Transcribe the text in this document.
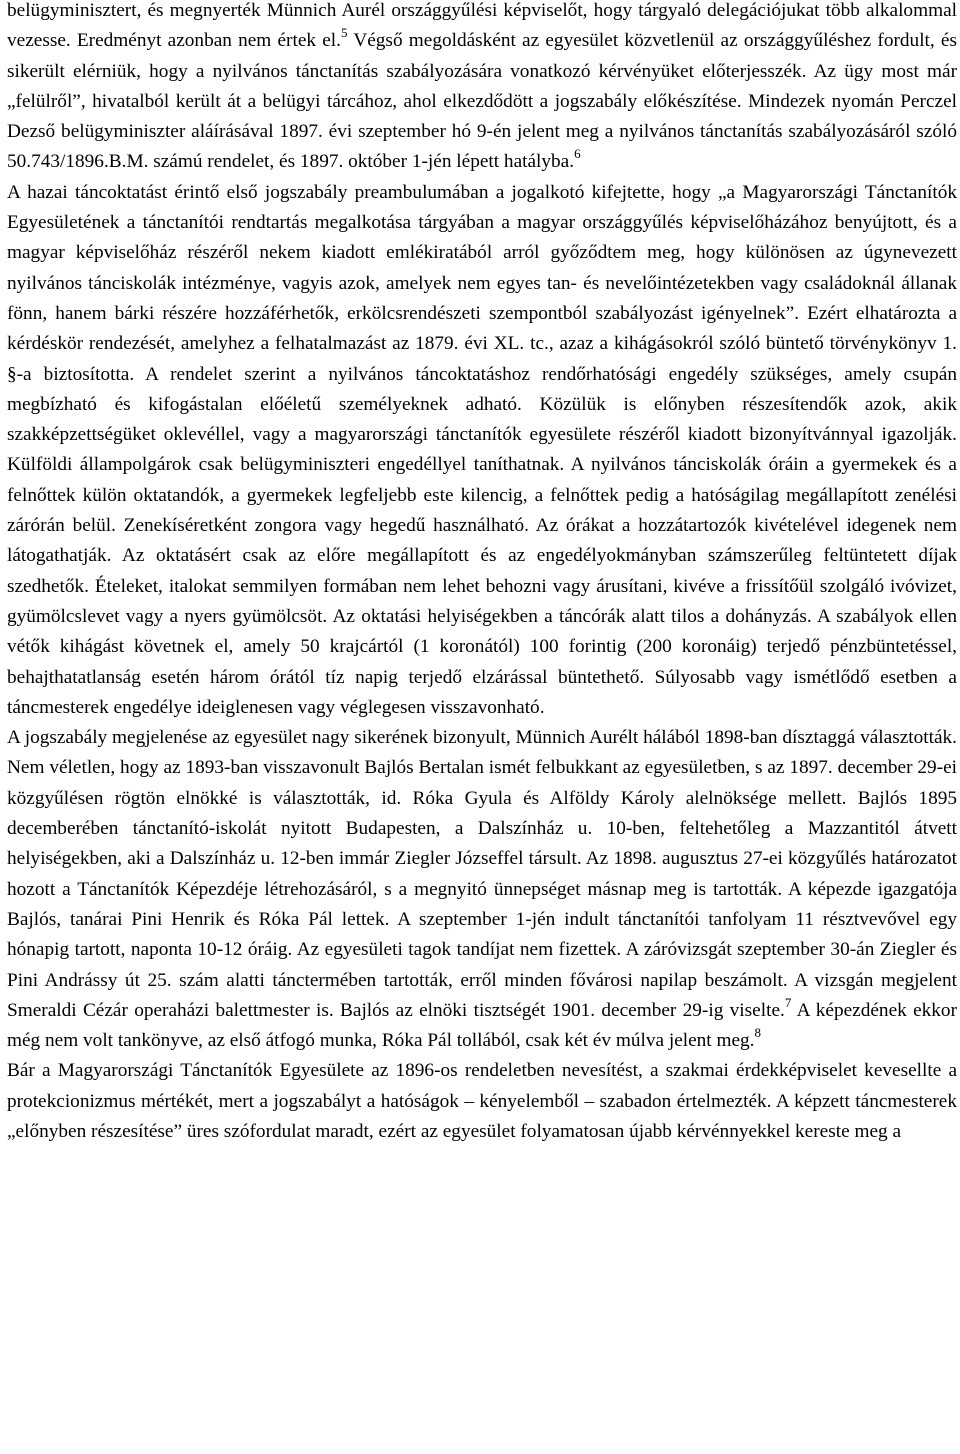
belügyminisztert, és megnyerték Münnich Aurél országgyűlési képviselőt, hogy tárgyaló delegációjukat több alkalommal vezesse. Eredményt azonban nem értek el.$^5$ Végső megoldásként az egyesület közvetlenül az országgyűléshez fordult, és sikerült elérniük, hogy a nyilvános tánctanítás szabályozására vonatkozó kérvényüket előterjesszék. Az ügy most már „felülről”, hivatalból került át a belügyi tárcához, ahol elkezdődött a jogszabály előkészítése. Mindezek nyomán Perczel Dezső belügyminiszter aláírásával 1897. évi szeptember hó 9-én jelent meg a nyilvános tánctanítás szabályozásáról szóló 50.743/1896.B.M. számú rendelet, és 1897. október 1-jén lépett hatályba.$^6$

A hazai táncoktatást érintő első jogszabály preambulumában a jogalkotó kifejtette, hogy „a Magyarországi Tánctanítók Egyesületének a tánctanítói rendtartás megalkotása tárgyában a magyar országgyűlés képviselőházához benyújtott, és a magyar képviselőház részéről nekem kiadott emlékiratából arról győződtem meg, hogy különösen az úgynevezett nyilvános tánciskolák intézménye, vagyis azok, amelyek nem egyes tan- és nevelőintézetekben vagy családoknál állanak fönn, hanem bárki részére hozzáférhetők, erkölcsrendészeti szempontból szabályozást igényelnek”. Ezért elhatározta a kérdéskör rendezését, amelyhez a felhatalmazást az 1879. évi XL. tc., azaz a kihágásokról szóló büntető törvénykönyv 1. §-a biztosította. A rendelet szerint a nyilvános táncoktatáshoz rendőrhatósági engedély szükséges, amely csupán megbízható és kifogástalan előéletű személyeknek adható. Közülük is előnyben részesítendők azok, akik szakképzettségüket oklevéllel, vagy a magyarországi tánctanítók egyesülete részéről kiadott bizonyítvánnyal igazolják. Külföldi állampolgárok csak belügyminiszteri engedéllyel taníthatnak. A nyilvános tánciskolák óráin a gyermekek és a felnőttek külön oktatandók, a gyermekek legfeljebb este kilencig, a felnőttek pedig a hatóságilag megállapított zenélési zárórán belül. Zenekíséretként zongora vagy hegedű használható. Az órákat a hozzátartozók kivételével idegenek nem látogathatják. Az oktatásért csak az előre megállapított és az engedélyokmányban számszerűleg feltüntetett díjak szedhetők. Ételeket, italokat semmilyen formában nem lehet behozni vagy árusítani, kivéve a frissítőül szolgáló ivóvizet, gyümölcslevet vagy a nyers gyümölcsöt. Az oktatási helyiségekben a táncórák alatt tilos a dohányzás. A szabályok ellen vétők kihágást követnek el, amely 50 krajcártól (1 koronától) 100 forintig (200 koronáig) terjedő pénzbüntetéssel, behajthatatlanság esetén három órától tíz napig terjedő elzárással büntethető. Súlyosabb vagy ismétlődő esetben a táncmesterek engedélye ideiglenesen vagy véglegesen visszavonható.

A jogszabály megjelenése az egyesület nagy sikerének bizonyult, Münnich Aurélt hálából 1898-ban dísztaggá választották. Nem véletlen, hogy az 1893-ban visszavonult Bajlós Bertalan ismét felbukkant az egyesületben, s az 1897. december 29-ei közgyűlésen rögtön elnökké is választották, id. Róka Gyula és Alföldy Károly alelnöksége mellett. Bajlós 1895 decemberében tánctanító-iskolát nyitott Budapesten, a Dalszínház u. 10-ben, feltehetőleg a Mazzantitól átvett helyiségekben, aki a Dalszínház u. 12-ben immár Ziegler Józseffel társult. Az 1898. augusztus 27-ei közgyűlés határozatot hozott a Tánctanítók Képezdéje létrehozásáról, s a megnyitó ünnepséget másnap meg is tartották. A képezde igazgatója Bajlós, tanárai Pini Henrik és Róka Pál lettek. A szeptember 1-jén indult tánctanítói tanfolyam 11 résztvevővel egy hónapig tartott, naponta 10-12 óráig. Az egyesületi tagok tandíjat nem fizettek. A záróvizsgát szeptember 30-án Ziegler és Pini Andrássy út 25. szám alatti tánctermében tartották, erről minden fővárosi napilap beszámolt. A vizsgán megjelent Smeraldi Cézár operaházi balettmester is. Bajlós az elnöki tisztségét 1901. december 29-ig viselte.$^7$ A képezdének ekkor még nem volt tankönyve, az első átfogó munka, Róka Pál tollából, csak két év múlva jelent meg.$^8$

Bár a Magyarországi Tánctanítók Egyesülete az 1896-os rendeletben nevesítést, a szakmai érdekképviselet kevesellte a protekcionizmus mértékét, mert a jogszabályt a hatóságok – kényelemből – szabadon értelmezték. A képzett táncmesterek „előnyben részesítése” üres szófordulat maradt, ezért az egyesület folyamatosan újabb kérvénnyekkel kereste meg a
